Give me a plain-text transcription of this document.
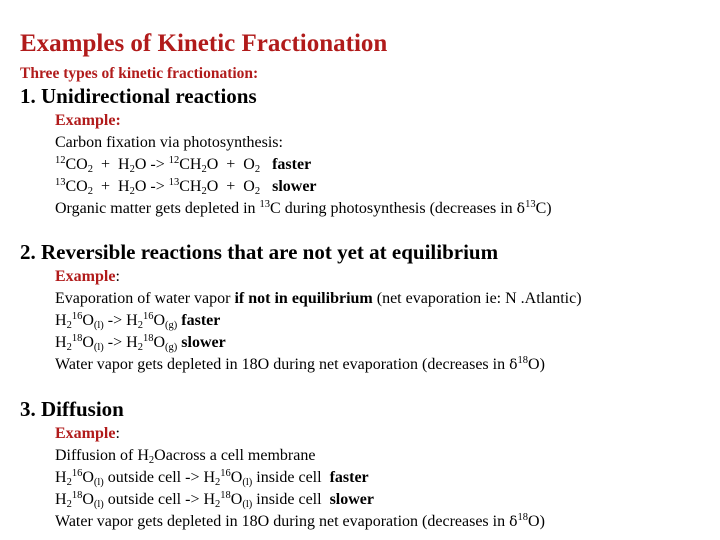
Examples of Kinetic Fractionation
Three types of kinetic fractionation:
1. Unidirectional reactions
Example:
Carbon fixation via photosynthesis:
$^{12}CO_2 + H_2O -> ^{12}CH_2O + O_2$   faster
$^{13}CO_2 + H_2O -> ^{13}CH_2O + O_2$   slower
Organic matter gets depleted in $^{13}$C during photosynthesis (decreases in $\delta^{13}C$)
2. Reversible reactions that are not yet at equilibrium
Example:
Evaporation of water vapor if not in equilibrium (net evaporation ie: N .Atlantic)
$H_2^{16}O_{(l)} -> H_2^{16}O_{(g)}$ faster
$H_2^{18}O_{(l)} -> H_2^{18}O_{(g)}$ slower
Water vapor gets depleted in 18O during net evaporation (decreases in $\delta^{18}O$)
3. Diffusion
Example:
Diffusion of $H_2Oacross$ a cell membrane
$H_2^{16}O_{(l)}$ outside cell -> $H_2^{16}O_{(l)}$ inside cell  faster
$H_2^{18}O_{(l)}$ outside cell -> $H_2^{18}O_{(l)}$ inside cell  slower
Water vapor gets depleted in 18O during net evaporation (decreases in $\delta^{18}O$)
